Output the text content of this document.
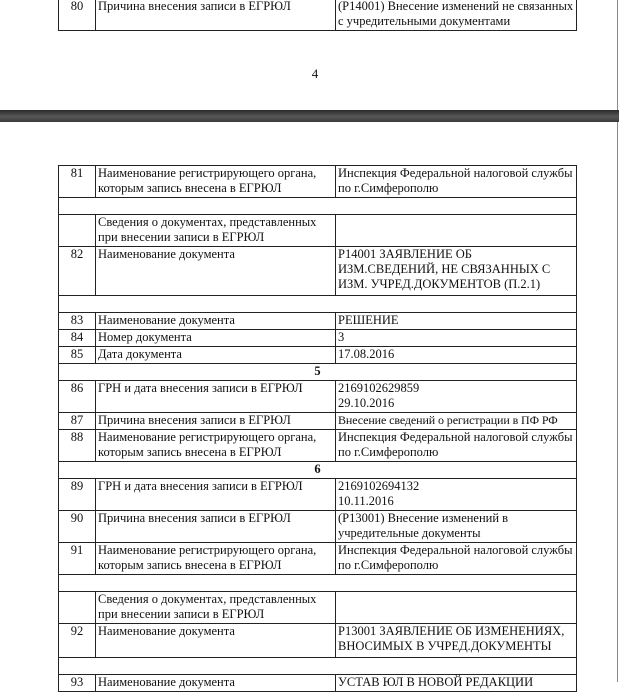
80	Причина внесения записи в ЕГРЮЛ	(Р14001) Внесение изменений не связанных с учредительными документами
4
81	Наименование регистрирующего органа, которым запись внесена в ЕГРЮЛ	Инспекция Федеральной налоговой службы по г.Симферополю

	Сведения о документах, представленных при внесении записи в ЕГРЮЛ	
82	Наименование документа	Р14001 ЗАЯВЛЕНИЕ ОБ ИЗМ.СВЕДЕНИЙ, НЕ СВЯЗАННЫХ С ИЗМ. УЧРЕД.ДОКУМЕНТОВ (П.2.1)

83	Наименование документа	РЕШЕНИЕ
84	Номер документа	3
85	Дата документа	17.08.2016
5		
86	ГРН и дата внесения записи в ЕГРЮЛ	2169102629859
29.10.2016

87	Причина внесения записи в ЕГРЮЛ	Внесение сведений о регистрации в ПФ РФ
88	Наименование регистрирующего органа, которым запись внесена в ЕГРЮЛ	Инспекция Федеральной налоговой службы по г.Симферополю
6		
89	ГРН и дата внесения записи в ЕГРЮЛ	2169102694132
10.11.2016

90	Причина внесения записи в ЕГРЮЛ	(Р13001) Внесение изменений в учредительные документы
91	Наименование регистрирующего органа, которым запись внесена в ЕГРЮЛ	Инспекция Федеральной налоговой службы по г.Симферополю

	Сведения о документах, представленных при внесении записи в ЕГРЮЛ	
92	Наименование документа	Р13001 ЗАЯВЛЕНИЕ ОБ ИЗМЕНЕНИЯХ, ВНОСИМЫХ В УЧРЕД.ДОКУМЕНТЫ

93	Наименование документа	УСТАВ ЮЛ В НОВОЙ РЕДАКЦИИ
